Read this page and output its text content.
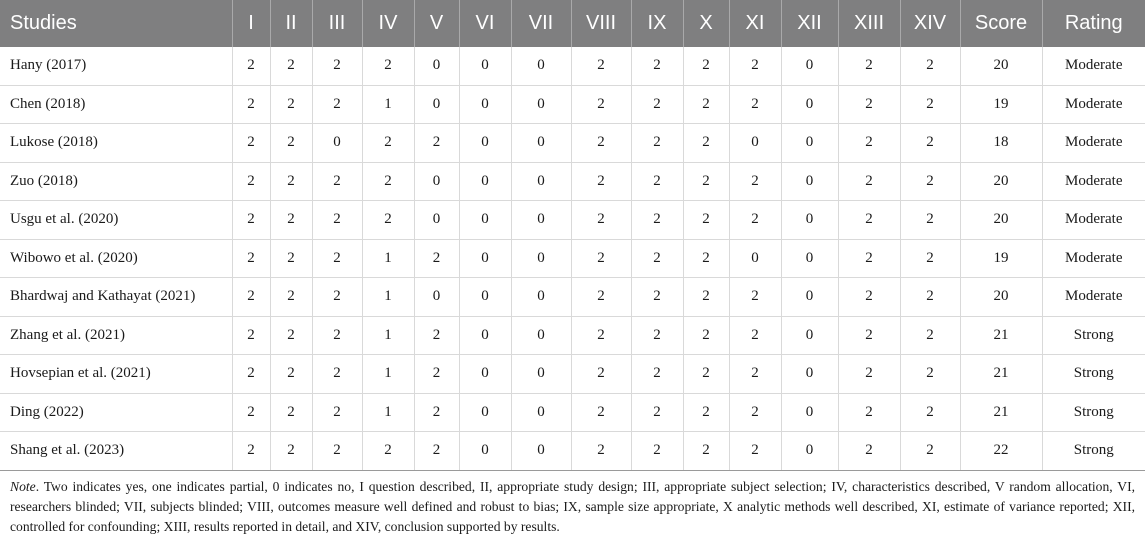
Studies	I	II	III	IV	V	VI	VII	VIII	IX	X	XI	XII	XIII	XIV	Score	Rating
Hany (2017)	2	2	2	2	0	0	0	2	2	2	2	0	2	2	20	Moderate
Chen (2018)	2	2	2	1	0	0	0	2	2	2	2	0	2	2	19	Moderate
Lukose (2018)	2	2	0	2	2	0	0	2	2	2	0	0	2	2	18	Moderate
Zuo (2018)	2	2	2	2	0	0	0	2	2	2	2	0	2	2	20	Moderate
Usgu et al. (2020)	2	2	2	2	0	0	0	2	2	2	2	0	2	2	20	Moderate
Wibowo et al. (2020)	2	2	2	1	2	0	0	2	2	2	0	0	2	2	19	Moderate
Bhardwaj and Kathayat (2021)	2	2	2	1	0	0	0	2	2	2	2	0	2	2	20	Moderate
Zhang et al. (2021)	2	2	2	1	2	0	0	2	2	2	2	0	2	2	21	Strong
Hovsepian et al. (2021)	2	2	2	1	2	0	0	2	2	2	2	0	2	2	21	Strong
Ding (2022)	2	2	2	1	2	0	0	2	2	2	2	0	2	2	21	Strong
Shang et al. (2023)	2	2	2	2	2	0	0	2	2	2	2	0	2	2	22	Strong
Note. Two indicates yes, one indicates partial, 0 indicates no, I question described, II, appropriate study design; III, appropriate subject selection; IV, characteristics described, V random allocation, VI, researchers blinded; VII, subjects blinded; VIII, outcomes measure well defined and robust to bias; IX, sample size appropriate, X analytic methods well described, XI, estimate of variance reported; XII, controlled for confounding; XIII, results reported in detail, and XIV, conclusion supported by results.
